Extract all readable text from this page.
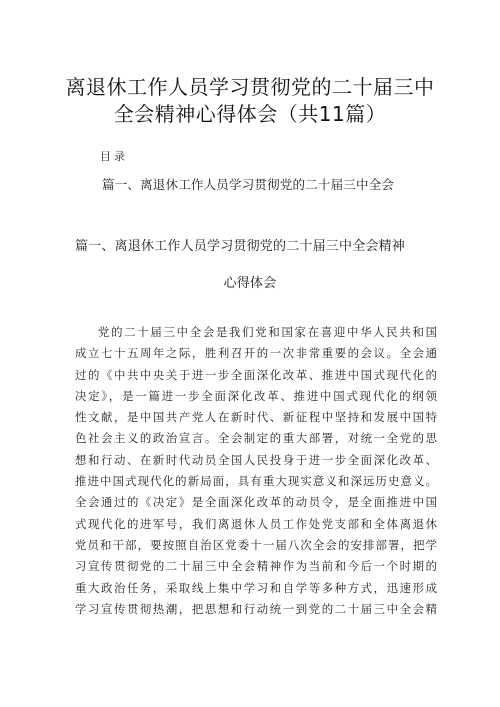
离退休工作人员学习贯彻党的二十届三中
全会精神心得体会（共11篇）
目录
篇一、离退休工作人员学习贯彻党的二十届三中全会
篇一、离退休工作人员学习贯彻党的二十届三中全会精神
心得体会
党的二十届三中全会是我们党和国家在喜迎中华人民共和国
成立七十五周年之际，胜利召开的一次非常重要的会议。全会通
过的《中共中央关于进一步全面深化改革、推进中国式现代化的
决定》，是一篇进一步全面深化改革、推进中国式现代化的纲领
性文献，是中国共产党人在新时代、新征程中坚持和发展中国特
色社会主义的政治宣言。全会制定的重大部署，对统一全党的思
想和行动、在新时代动员全国人民投身于进一步全面深化改革、
推进中国式现代化的新局面，具有重大现实意义和深远历史意义。
全会通过的《决定》是全面深化改革的动员令，是全面推进中国
式现代化的进军号，我们离退休人员工作处党支部和全体离退休
党员和干部，要按照自治区党委十一届八次全会的安排部署，把学
习宣传贯彻党的二十届三中全会精神作为当前和今后一个时期的
重大政治任务，采取线上集中学习和自学等多种方式，迅速形成
学习宣传贯彻热潮，把思想和行动统一到党的二十届三中全会精
